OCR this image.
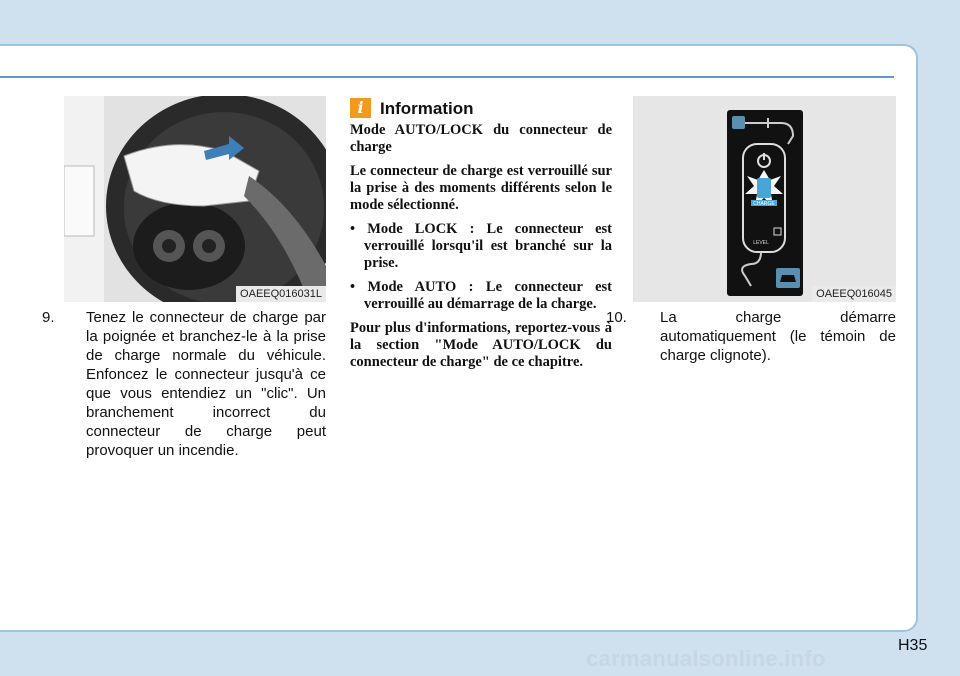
OAEEQ016031L

9. Tenez le connecteur de charge par la poignée et branchez-le à la prise de charge normale du véhicule. Enfoncez le connecteur jusqu'à ce que vous entendiez un "clic". Un branchement incorrect du connecteur de charge peut provoquer un incendie.

i Information

Mode AUTO/LOCK du connecteur de charge

Le connecteur de charge est verrouillé sur la prise à des moments différents selon le mode sélectionné.

• Mode LOCK : Le connecteur est verrouillé lorsqu'il est branché sur la prise.

• Mode AUTO : Le connecteur est verrouillé au démarrage de la charge.

Pour plus d'informations, reportez-vous à la section "Mode AUTO/LOCK du connecteur de charge" de ce chapitre.

CHARGE
LEVEL
OAEEQ016045

10. La charge démarre automatiquement (le témoin de charge clignote).

H35
carmanualsonline.info
